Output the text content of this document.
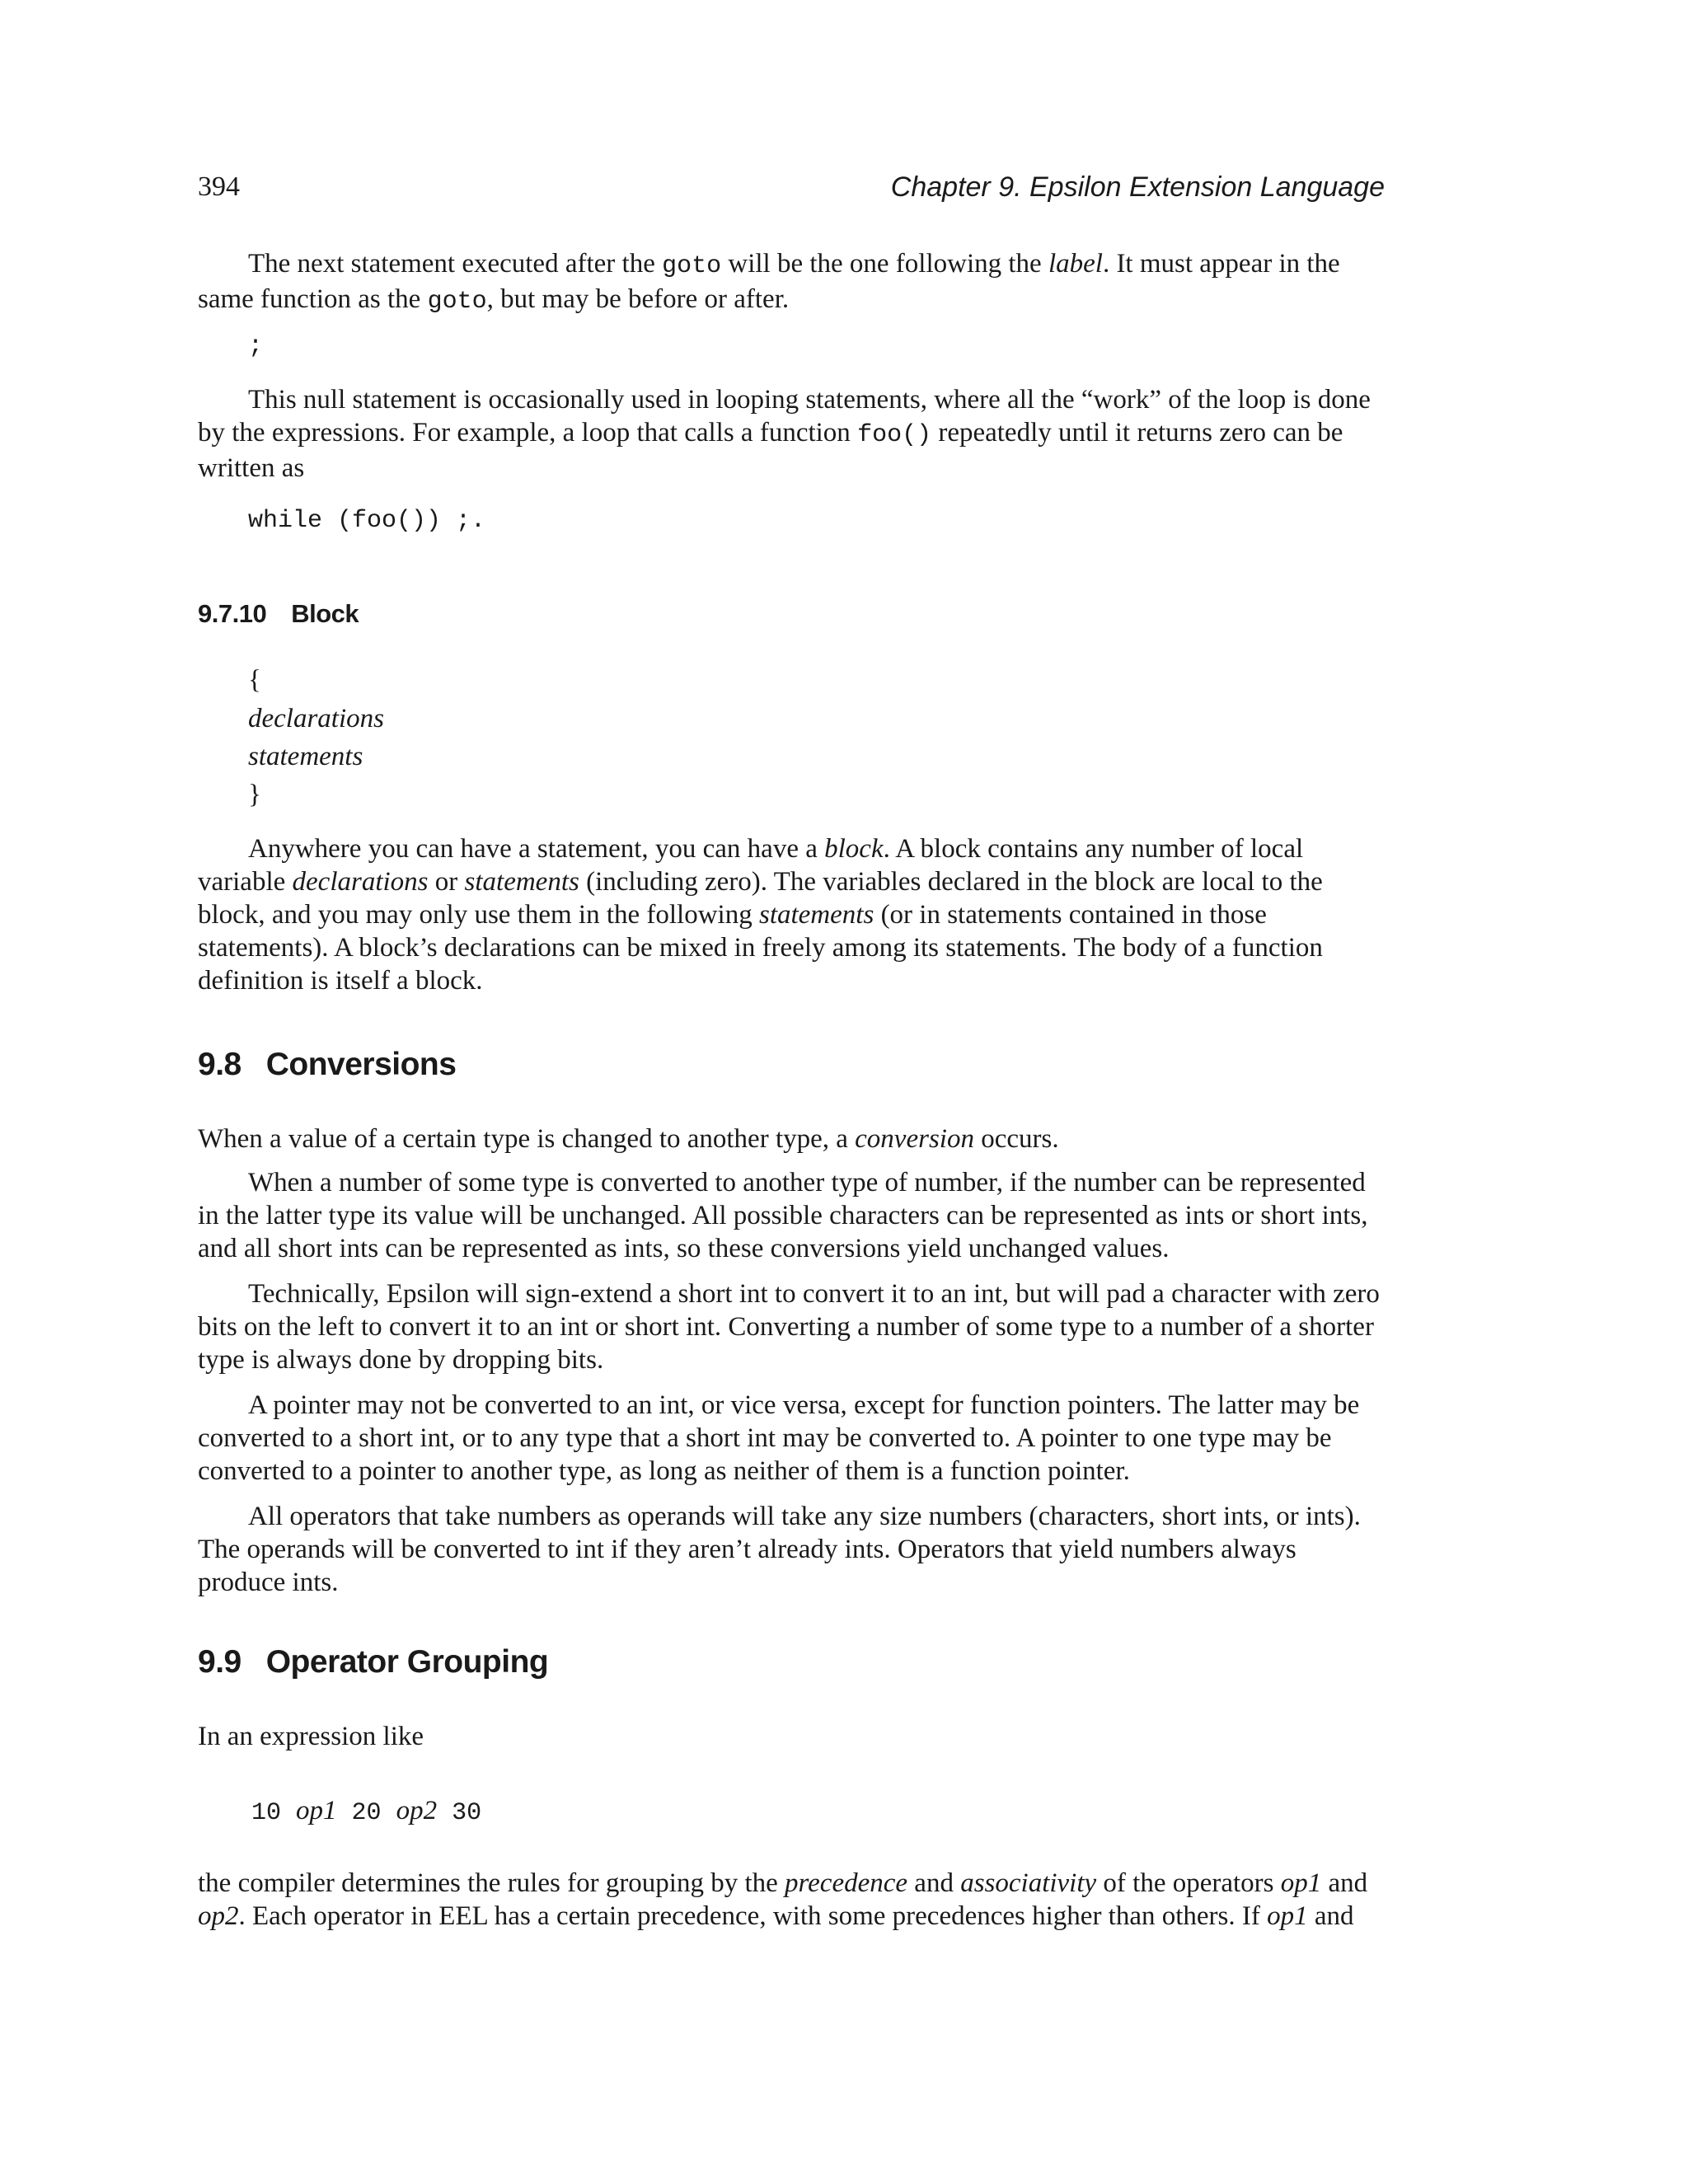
394	Chapter 9. Epsilon Extension Language

The next statement executed after the goto will be the one following the label. It must appear in the same function as the goto, but may be before or after.

;

This null statement is occasionally used in looping statements, where all the “work” of the loop is done by the expressions. For example, a loop that calls a function foo() repeatedly until it returns zero can be written as

while (foo()) ;.
9.7.10 Block
{
declarations
statements
}

Anywhere you can have a statement, you can have a block. A block contains any number of local variable declarations or statements (including zero). The variables declared in the block are local to the block, and you may only use them in the following statements (or in statements contained in those statements). A block’s declarations can be mixed in freely among its statements. The body of a function definition is itself a block.

9.8 Conversions

When a value of a certain type is changed to another type, a conversion occurs.

When a number of some type is converted to another type of number, if the number can be represented in the latter type its value will be unchanged. All possible characters can be represented as ints or short ints, and all short ints can be represented as ints, so these conversions yield unchanged values.

Technically, Epsilon will sign-extend a short int to convert it to an int, but will pad a character with zero bits on the left to convert it to an int or short int. Converting a number of some type to a number of a shorter type is always done by dropping bits.

A pointer may not be converted to an int, or vice versa, except for function pointers. The latter may be converted to a short int, or to any type that a short int may be converted to. A pointer to one type may be converted to a pointer to another type, as long as neither of them is a function pointer.

All operators that take numbers as operands will take any size numbers (characters, short ints, or ints). The operands will be converted to int if they aren’t already ints. Operators that yield numbers always produce ints.

9.9 Operator Grouping

In an expression like

10 op1 20 op2 30

the compiler determines the rules for grouping by the precedence and associativity of the operators op1 and op2. Each operator in EEL has a certain precedence, with some precedences higher than others. If op1 and
